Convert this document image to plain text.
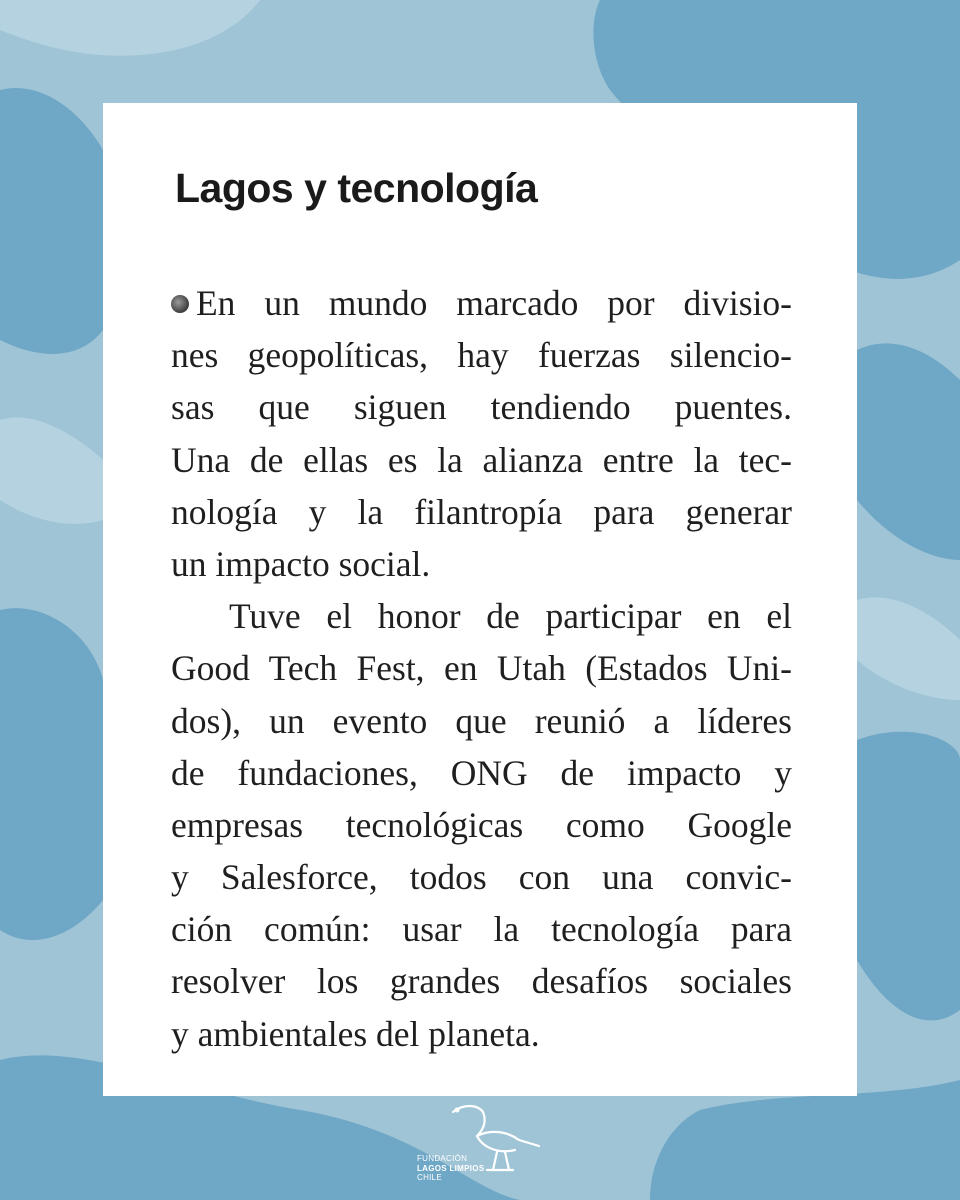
Lagos y tecnología
En un mundo marcado por divisio-
nes geopolíticas, hay fuerzas silencio-
sas que siguen tendiendo puentes.
Una de ellas es la alianza entre la tec-
nología y la filantropía para generar
un impacto social.
Tuve el honor de participar en el
Good Tech Fest, en Utah (Estados Uni-
dos), un evento que reunió a líderes
de fundaciones, ONG de impacto y
empresas tecnológicas como Google
y Salesforce, todos con una convic-
ción común: usar la tecnología para
resolver los grandes desafíos sociales
y ambientales del planeta.
FUNDACIÓN
LAGOS LIMPIOS
CHILE
